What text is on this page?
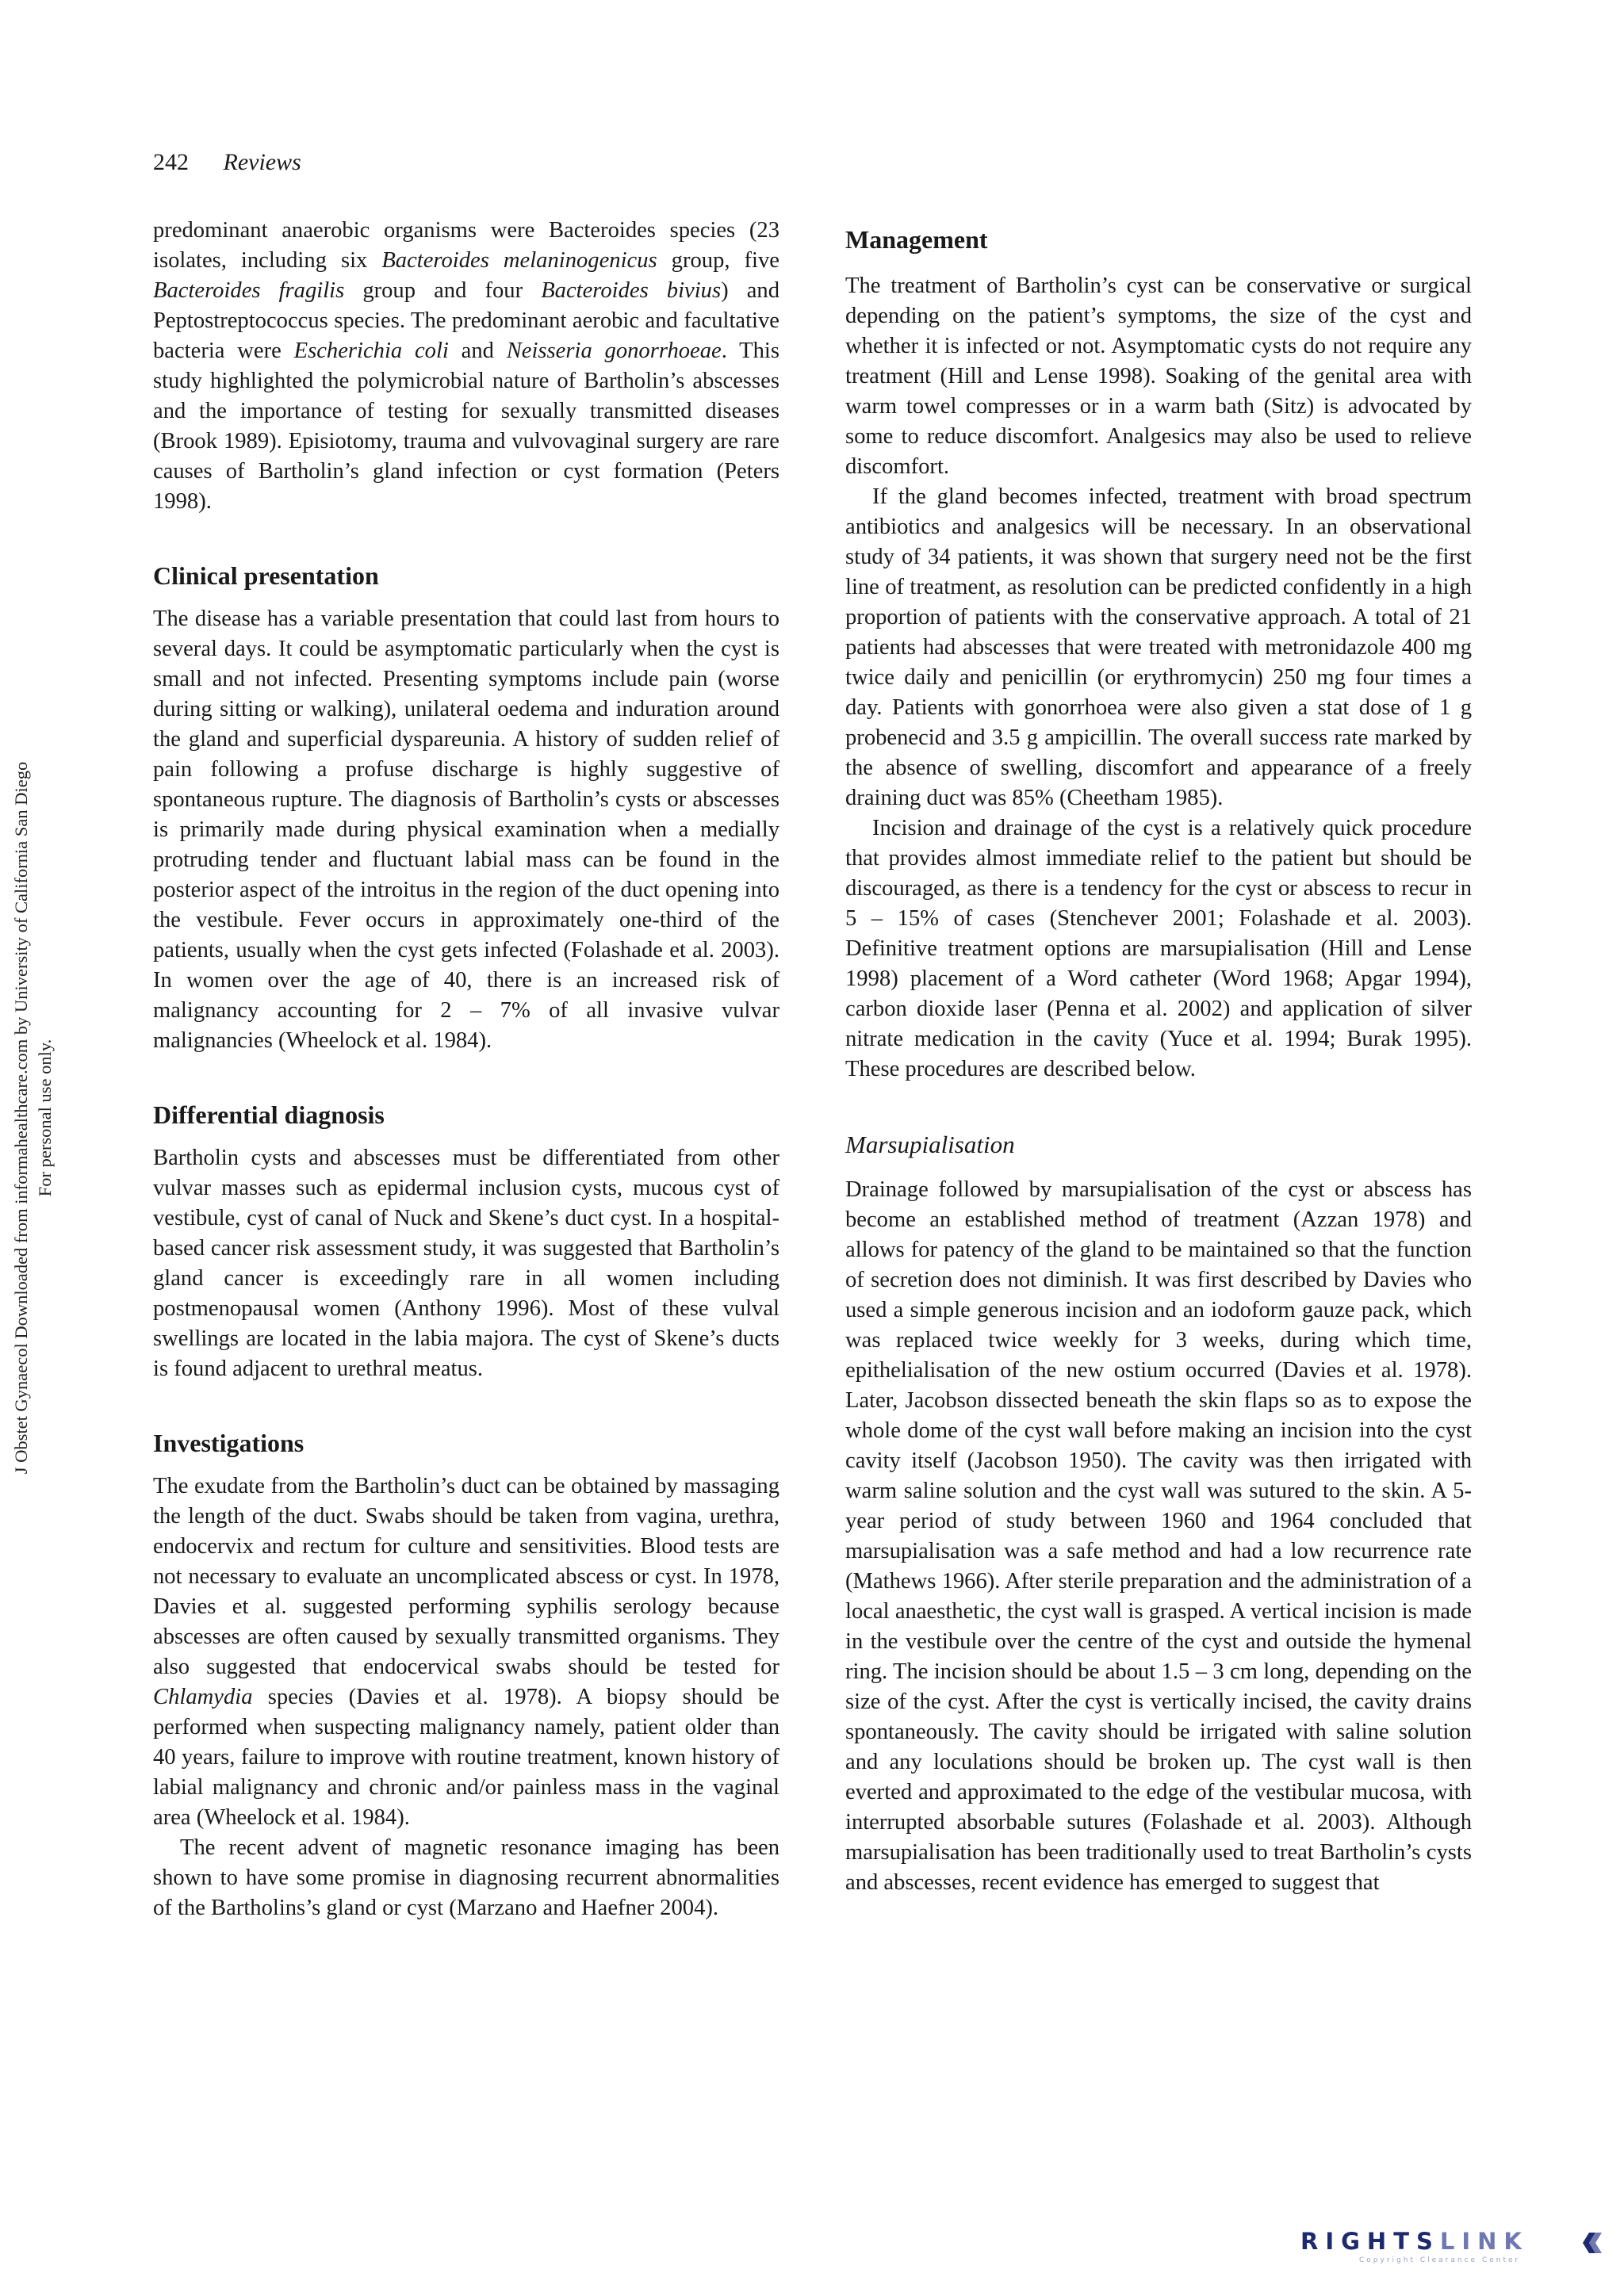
242 Reviews
J Obstet Gynaecol Downloaded from informahealthcare.com by University of California San Diego For personal use only.

predominant anaerobic organisms were Bacteroides species (23 isolates, including six Bacteroides melaninogenicus group, five Bacteroides fragilis group and four Bacteroides bivius) and Peptostreptococcus species. The predominant aerobic and facultative bacteria were Escherichia coli and Neisseria gonorrhoeae. This study highlighted the polymicrobial nature of Bartholin’s abscesses and the importance of testing for sexually transmitted diseases (Brook 1989). Episiotomy, trauma and vulvovaginal surgery are rare causes of Bartholin’s gland infection or cyst formation (Peters 1998).

Clinical presentation

The disease has a variable presentation that could last from hours to several days. It could be asymptomatic particularly when the cyst is small and not infected. Presenting symptoms include pain (worse during sitting or walking), unilateral oedema and induration around the gland and superficial dyspareunia. A history of sudden relief of pain following a profuse discharge is highly suggestive of spontaneous rupture. The diagnosis of Bartholin’s cysts or abscesses is primarily made during physical examination when a medially protruding tender and fluctuant labial mass can be found in the posterior aspect of the introitus in the region of the duct opening into the vestibule. Fever occurs in approximately one-third of the patients, usually when the cyst gets infected (Folashade et al. 2003). In women over the age of 40, there is an increased risk of malignancy accounting for 2 – 7% of all invasive vulvar malignancies (Wheelock et al. 1984).

Differential diagnosis

Bartholin cysts and abscesses must be differentiated from other vulvar masses such as epidermal inclusion cysts, mucous cyst of vestibule, cyst of canal of Nuck and Skene’s duct cyst. In a hospital-based cancer risk assessment study, it was suggested that Bartholin’s gland cancer is exceedingly rare in all women including postmenopausal women (Anthony 1996). Most of these vulval swellings are located in the labia majora. The cyst of Skene’s ducts is found adjacent to urethral meatus.

Investigations

The exudate from the Bartholin’s duct can be obtained by massaging the length of the duct. Swabs should be taken from vagina, urethra, endocervix and rectum for culture and sensitivities. Blood tests are not necessary to evaluate an uncomplicated abscess or cyst. In 1978, Davies et al. suggested performing syphilis serology because abscesses are often caused by sexually transmitted organisms. They also suggested that endocervical swabs should be tested for Chlamydia species (Davies et al. 1978). A biopsy should be performed when suspecting malignancy namely, patient older than 40 years, failure to improve with routine treatment, known history of labial malignancy and chronic and/or painless mass in the vaginal area (Wheelock et al. 1984).

The recent advent of magnetic resonance imaging has been shown to have some promise in diagnosing recurrent abnormalities of the Bartholins’s gland or cyst (Marzano and Haefner 2004).

Management

The treatment of Bartholin’s cyst can be conservative or surgical depending on the patient’s symptoms, the size of the cyst and whether it is infected or not. Asymptomatic cysts do not require any treatment (Hill and Lense 1998). Soaking of the genital area with warm towel compresses or in a warm bath (Sitz) is advocated by some to reduce discomfort. Analgesics may also be used to relieve discomfort.

If the gland becomes infected, treatment with broad spectrum antibiotics and analgesics will be necessary. In an observational study of 34 patients, it was shown that surgery need not be the first line of treatment, as resolution can be predicted confidently in a high proportion of patients with the conservative approach. A total of 21 patients had abscesses that were treated with metronidazole 400 mg twice daily and penicillin (or erythromycin) 250 mg four times a day. Patients with gonorrhoea were also given a stat dose of 1 g probenecid and 3.5 g ampicillin. The overall success rate marked by the absence of swelling, discomfort and appearance of a freely draining duct was 85% (Cheetham 1985).

Incision and drainage of the cyst is a relatively quick procedure that provides almost immediate relief to the patient but should be discouraged, as there is a tendency for the cyst or abscess to recur in 5 – 15% of cases (Stenchever 2001; Folashade et al. 2003). Definitive treatment options are marsupialisation (Hill and Lense 1998) placement of a Word catheter (Word 1968; Apgar 1994), carbon dioxide laser (Penna et al. 2002) and application of silver nitrate medication in the cavity (Yuce et al. 1994; Burak 1995). These procedures are described below.

Marsupialisation

Drainage followed by marsupialisation of the cyst or abscess has become an established method of treatment (Azzan 1978) and allows for patency of the gland to be maintained so that the function of secretion does not diminish. It was first described by Davies who used a simple generous incision and an iodoform gauze pack, which was replaced twice weekly for 3 weeks, during which time, epithelialisation of the new ostium occurred (Davies et al. 1978). Later, Jacobson dissected beneath the skin flaps so as to expose the whole dome of the cyst wall before making an incision into the cyst cavity itself (Jacobson 1950). The cavity was then irrigated with warm saline solution and the cyst wall was sutured to the skin. A 5-year period of study between 1960 and 1964 concluded that marsupialisation was a safe method and had a low recurrence rate (Mathews 1966). After sterile preparation and the administration of a local anaesthetic, the cyst wall is grasped. A vertical incision is made in the vestibule over the centre of the cyst and outside the hymenal ring. The incision should be about 1.5 – 3 cm long, depending on the size of the cyst. After the cyst is vertically incised, the cavity drains spontaneously. The cavity should be irrigated with saline solution and any loculations should be broken up. The cyst wall is then everted and approximated to the edge of the vestibular mucosa, with interrupted absorbable sutures (Folashade et al. 2003). Although marsupialisation has been traditionally used to treat Bartholin’s cysts and abscesses, recent evidence has emerged to suggest that

RIGHTSLINK
Copyright Clearance Center
